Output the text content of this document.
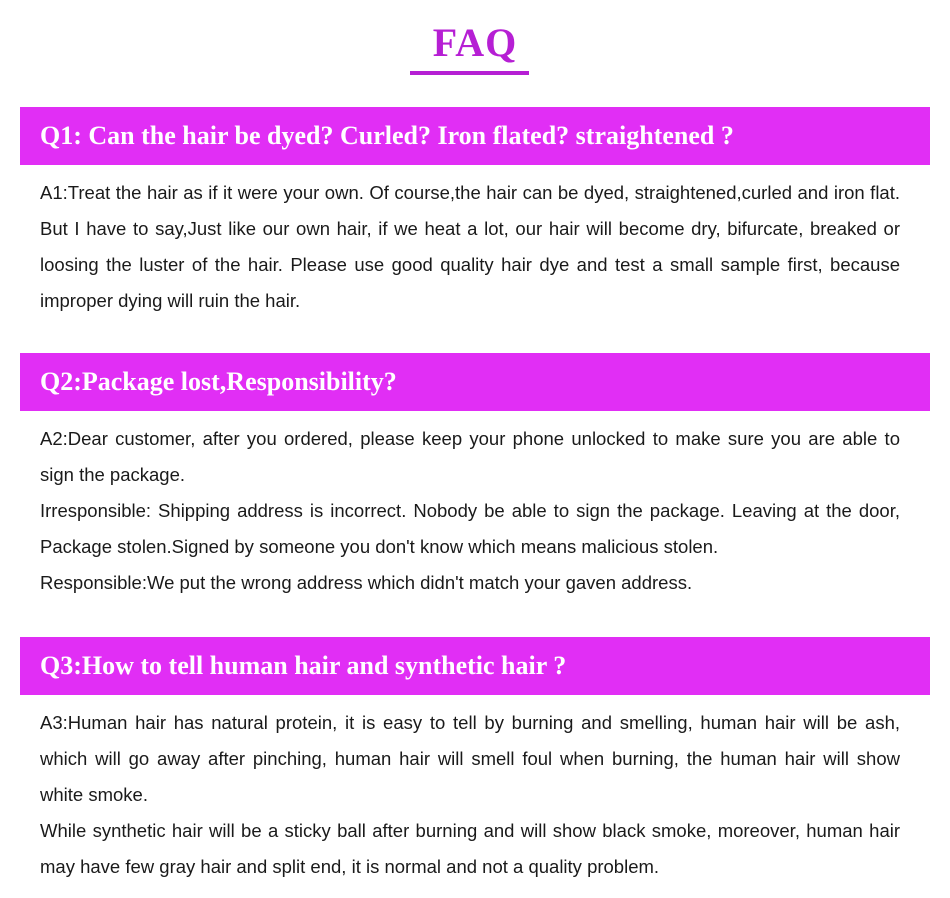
FAQ
Q1: Can the hair be dyed? Curled? Iron flated? straightened ?

A1:Treat the hair as if it were your own. Of course,the hair can be dyed, straightened,curled and iron flat. But I have to say,Just like our own hair, if we heat a lot, our hair will become dry, bifurcate, breaked or loosing the luster of the hair. Please use good quality hair dye and test a small sample first, because improper dying will ruin the hair.

Q2:Package lost,Responsibility?

A2:Dear customer, after you ordered, please keep your phone unlocked to make sure you are able to sign the package.

Irresponsible: Shipping address is incorrect. Nobody be able to sign the package. Leaving at the door, Package stolen.Signed by someone you don't know which means malicious stolen.

Responsible:We put the wrong address which didn't match your gaven address.

Q3:How to tell human hair and synthetic hair ?

A3:Human hair has natural protein, it is easy to tell by burning and smelling, human hair will be ash, which will go away after pinching, human hair will smell foul when burning, the human hair will show white smoke.

While synthetic hair will be a sticky ball after burning and will show black smoke, moreover, human hair may have few gray hair and split end, it is normal and not a quality problem.
